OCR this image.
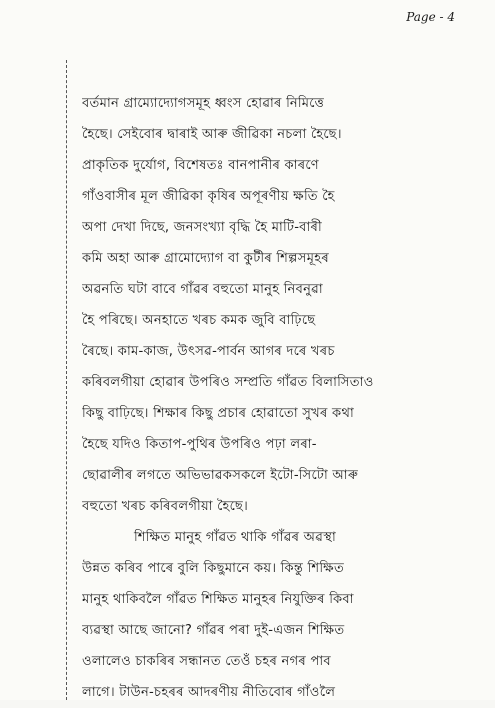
Page - 4
বৰ্তমান গ্ৰাম্যোদ্যোগসমূহ ধ্বংস হোৱাৰ নিমিত্তে
হৈছে। সেইবোৰ দ্বাৰাই আৰু জীৱিকা নচলা হৈছে।
প্ৰাকৃতিক দুৰ্যোগ, বিশেষতঃ বানপানীৰ কাৰণে
গাঁওবাসীৰ মূল জীৱিকা কৃষিৰ অপূৰণীয় ক্ষতি হৈ
অপা দেখা দিছে, জনসংখ্যা বৃদ্ধি হৈ মাটি-বাৰী
কমি অহা আৰু গ্ৰামোদ্যোগ বা কুটীৰ শিল্পসমূহৰ
অৱনতি ঘটা বাবে গাঁৱৰ বহুতো মানুহ নিবনুৱা
হৈ পৰিছে। অনহাতে খৰচ কমক জুবি বাঢ়িছে
ৰৈছে। কাম-কাজ, উৎসৱ-পাৰ্বন আগৰ দৰে খৰচ
কৰিবলগীয়া হোৱাৰ উপৰিও সম্প্ৰতি গাঁৱত বিলাসিতাও
কিছু বাঢ়িছে। শিক্ষাৰ কিছু প্ৰচাৰ হোৱাতো সুখৰ কথা
হৈছে যদিও কিতাপ-পুথিৰ উপৰিও পঢ়া লৰা-
ছোৱালীৰ লগতে অভিভাৱকসকলে ইটো-সিটো আৰু
বহুতো খৰচ কৰিবলগীয়া হৈছে।
শিক্ষিত মানুহ গাঁৱত থাকি গাঁৱৰ অৱস্থা
উন্নত কৰিব পাৰে বুলি কিছুমানে কয়। কিন্তু শিক্ষিত
মানুহ থাকিবলৈ গাঁৱত শিক্ষিত মানুহৰ নিযুক্তিৰ কিবা
ব্যৱস্থা আছে জানো? গাঁৱৰ পৰা দুই-এজন শিক্ষিত
ওলালেও চাকৰিৰ সন্ধানত তেওঁ চহৰ নগৰ পাব
লাগে। টাউন-চহৰৰ আদৰণীয় নীতিবোৰ গাঁওলৈ
